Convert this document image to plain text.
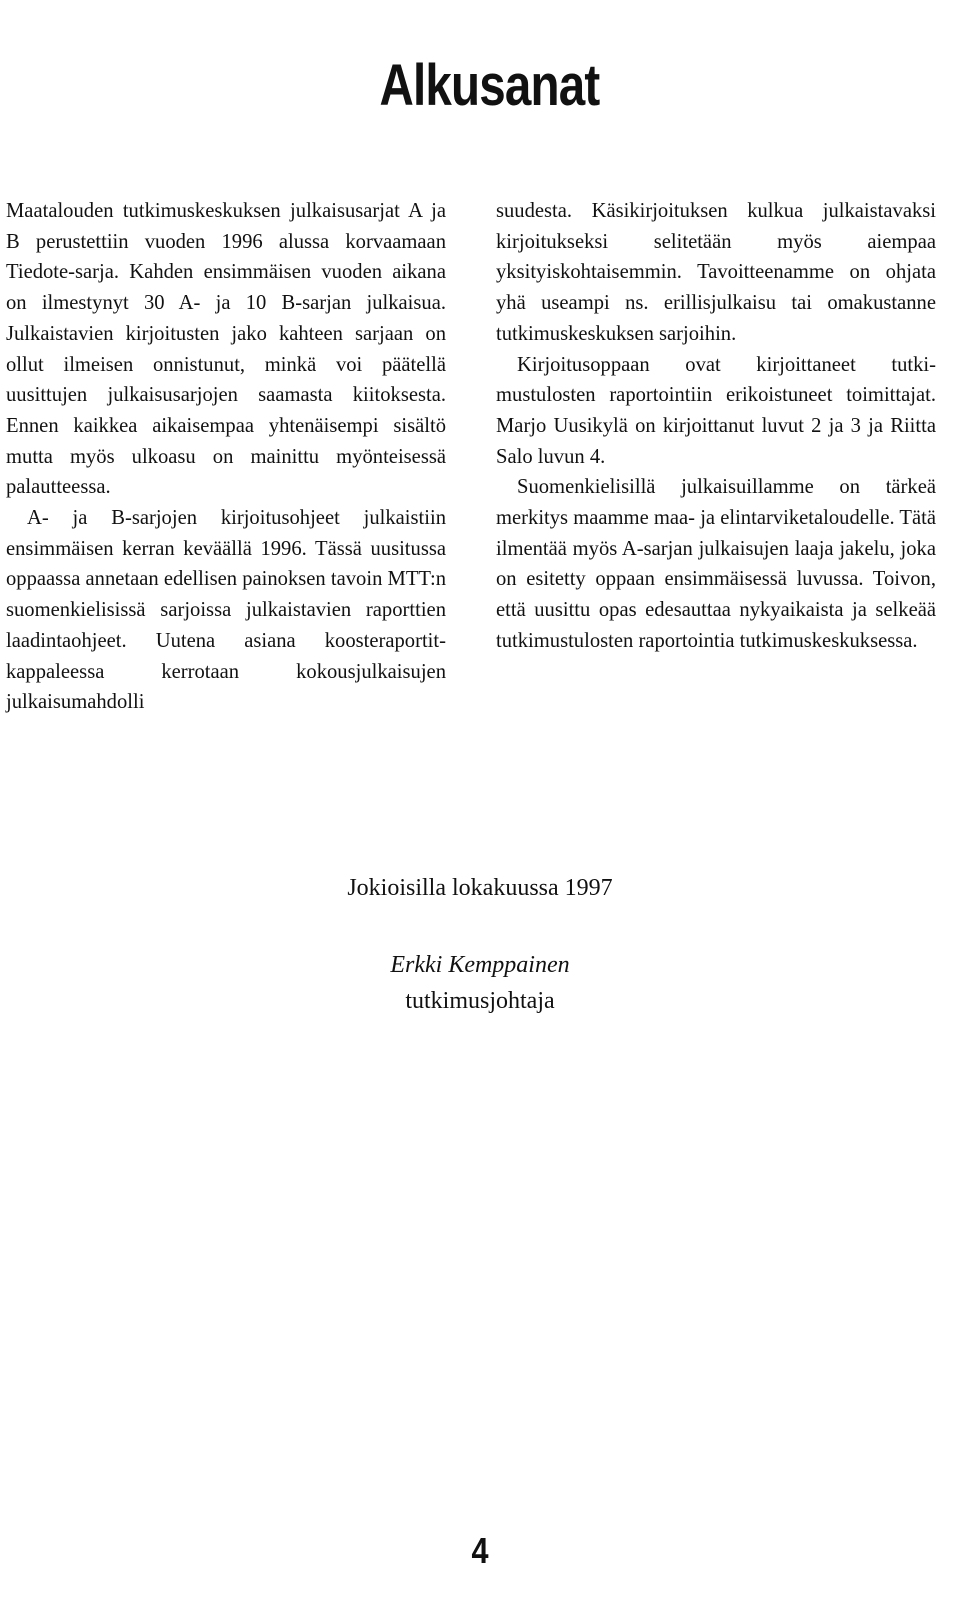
Alkusanat

Maatalouden tutkimuskeskuksen julkaisusarjat A ja B perustettiin vuoden 1996 alussa korvaamaan Tiedote-sarja. Kahden ensimmäisen vuoden aikana on ilmestynyt 30 A- ja 10 B-sarjan julkaisua. Julkaistavien kirjoitusten jako kahteen sarjaan on ollut ilmeisen onnistunut, minkä voi päätellä uusittujen julkaisusarjojen saamasta kiitoksesta. Ennen kaikkea aikaisempaa yhtenäisempi sisältö mutta myös ulkoasu on mainittu myönteisessä palautteessa.

A- ja B-sarjojen kirjoitusohjeet julkaistiin ensimmäisen kerran keväällä 1996. Tässä uusitussa oppaassa annetaan edellisen painoksen tavoin MTT:n suomenkielisissä sarjoissa julkaistavien raporttien laadintaohjeet. Uutena asiana koosteraportit-kappaleessa kerrotaan kokousjulkaisujen julkaisumahdolli

suudesta. Käsikirjoituksen kulkua julkaistavaksi kirjoitukseksi selitetään myös aiempaa yksityiskohtaisemmin. Tavoitteenamme on ohjata yhä useampi ns. erillisjulkaisu tai omakustanne tutkimuskeskuksen sarjoihin.

Kirjoitusoppaan ovat kirjoittaneet tutkimustulosten raportointiin erikoistuneet toimittajat. Marjo Uusikylä on kirjoittanut luvut 2 ja 3 ja Riitta Salo luvun 4.

Suomenkielisillä julkaisuillamme on tärkeä merkitys maamme maa- ja elintarviketaloudelle. Tätä ilmentää myös A-sarjan julkaisujen laaja jakelu, joka on esitetty oppaan ensimmäisessä luvussa. Toivon, että uusittu opas edesauttaa nykyaikaista ja selkeää tutkimustulosten raportointia tutkimuskeskuksessa.

Jokioisilla lokakuussa 1997
Erkki Kemppainen
tutkimusjohtaja
4
